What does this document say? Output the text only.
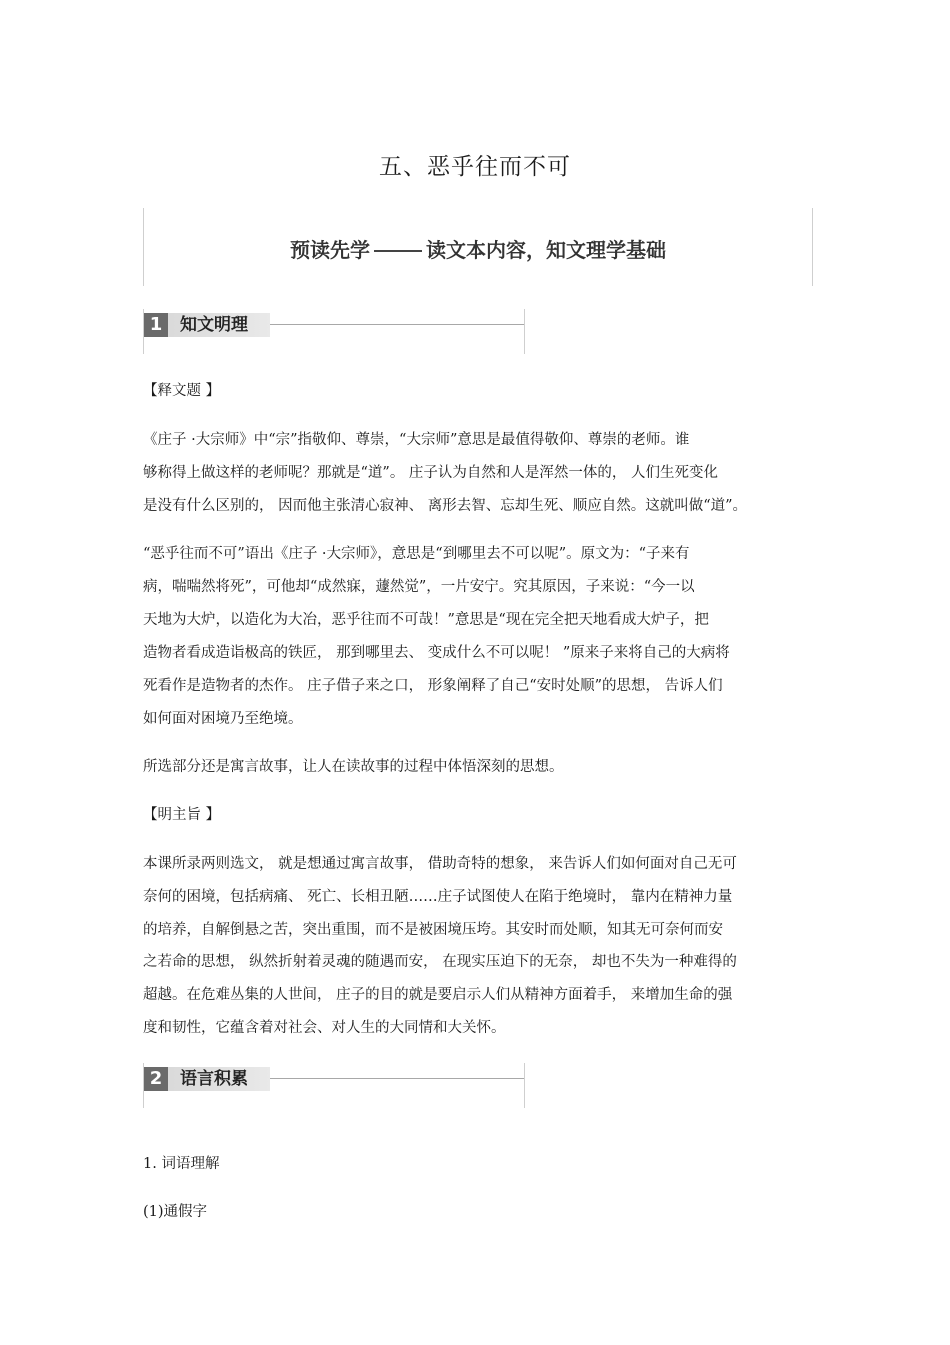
五、恶乎往而不可
预读先学	读文本内容，知文理学基础
1	知文明理
【释文题 】
《庄子 ·大宗师》中“宗”指敬仰、尊崇，“大宗师”意思是最值得敬仰、尊崇的老师。谁
够称得上做这样的老师呢？那就是“道”。 庄子认为自然和人是浑然一体的， 人们生死变化
是没有什么区别的， 因而他主张清心寂神、 离形去智、忘却生死、顺应自然。这就叫做“道”。
“恶乎往而不可”语出《庄子 ·大宗师》，意思是“到哪里去不可以呢”。原文为：“子来有
病，喘喘然将死”，可他却“成然寐，蘧然觉”，一片安宁。究其原因，子来说：“今一以
天地为大炉，以造化为大冶，恶乎往而不可哉！”意思是“现在完全把天地看成大炉子，把
造物者看成造诣极高的铁匠， 那到哪里去、 变成什么不可以呢！ ”原来子来将自己的大病将
死看作是造物者的杰作。 庄子借子来之口， 形象阐释了自己“安时处顺”的思想， 告诉人们
如何面对困境乃至绝境。
所选部分还是寓言故事，让人在读故事的过程中体悟深刻的思想。
【明主旨 】
本课所录两则选文， 就是想通过寓言故事， 借助奇特的想象， 来告诉人们如何面对自己无可
奈何的困境，包括病痛、 死亡、长相丑陋……庄子试图使人在陷于绝境时， 靠内在精神力量
的培养，自解倒悬之苦，突出重围，而不是被困境压垮。其安时而处顺，知其无可奈何而安
之若命的思想， 纵然折射着灵魂的随遇而安， 在现实压迫下的无奈， 却也不失为一种难得的
超越。在危难丛集的人世间， 庄子的目的就是要启示人们从精神方面着手， 来增加生命的强
度和韧性，它蕴含着对社会、对人生的大同情和大关怀。
2	语言积累
1. 词语理解
(1)通假字
